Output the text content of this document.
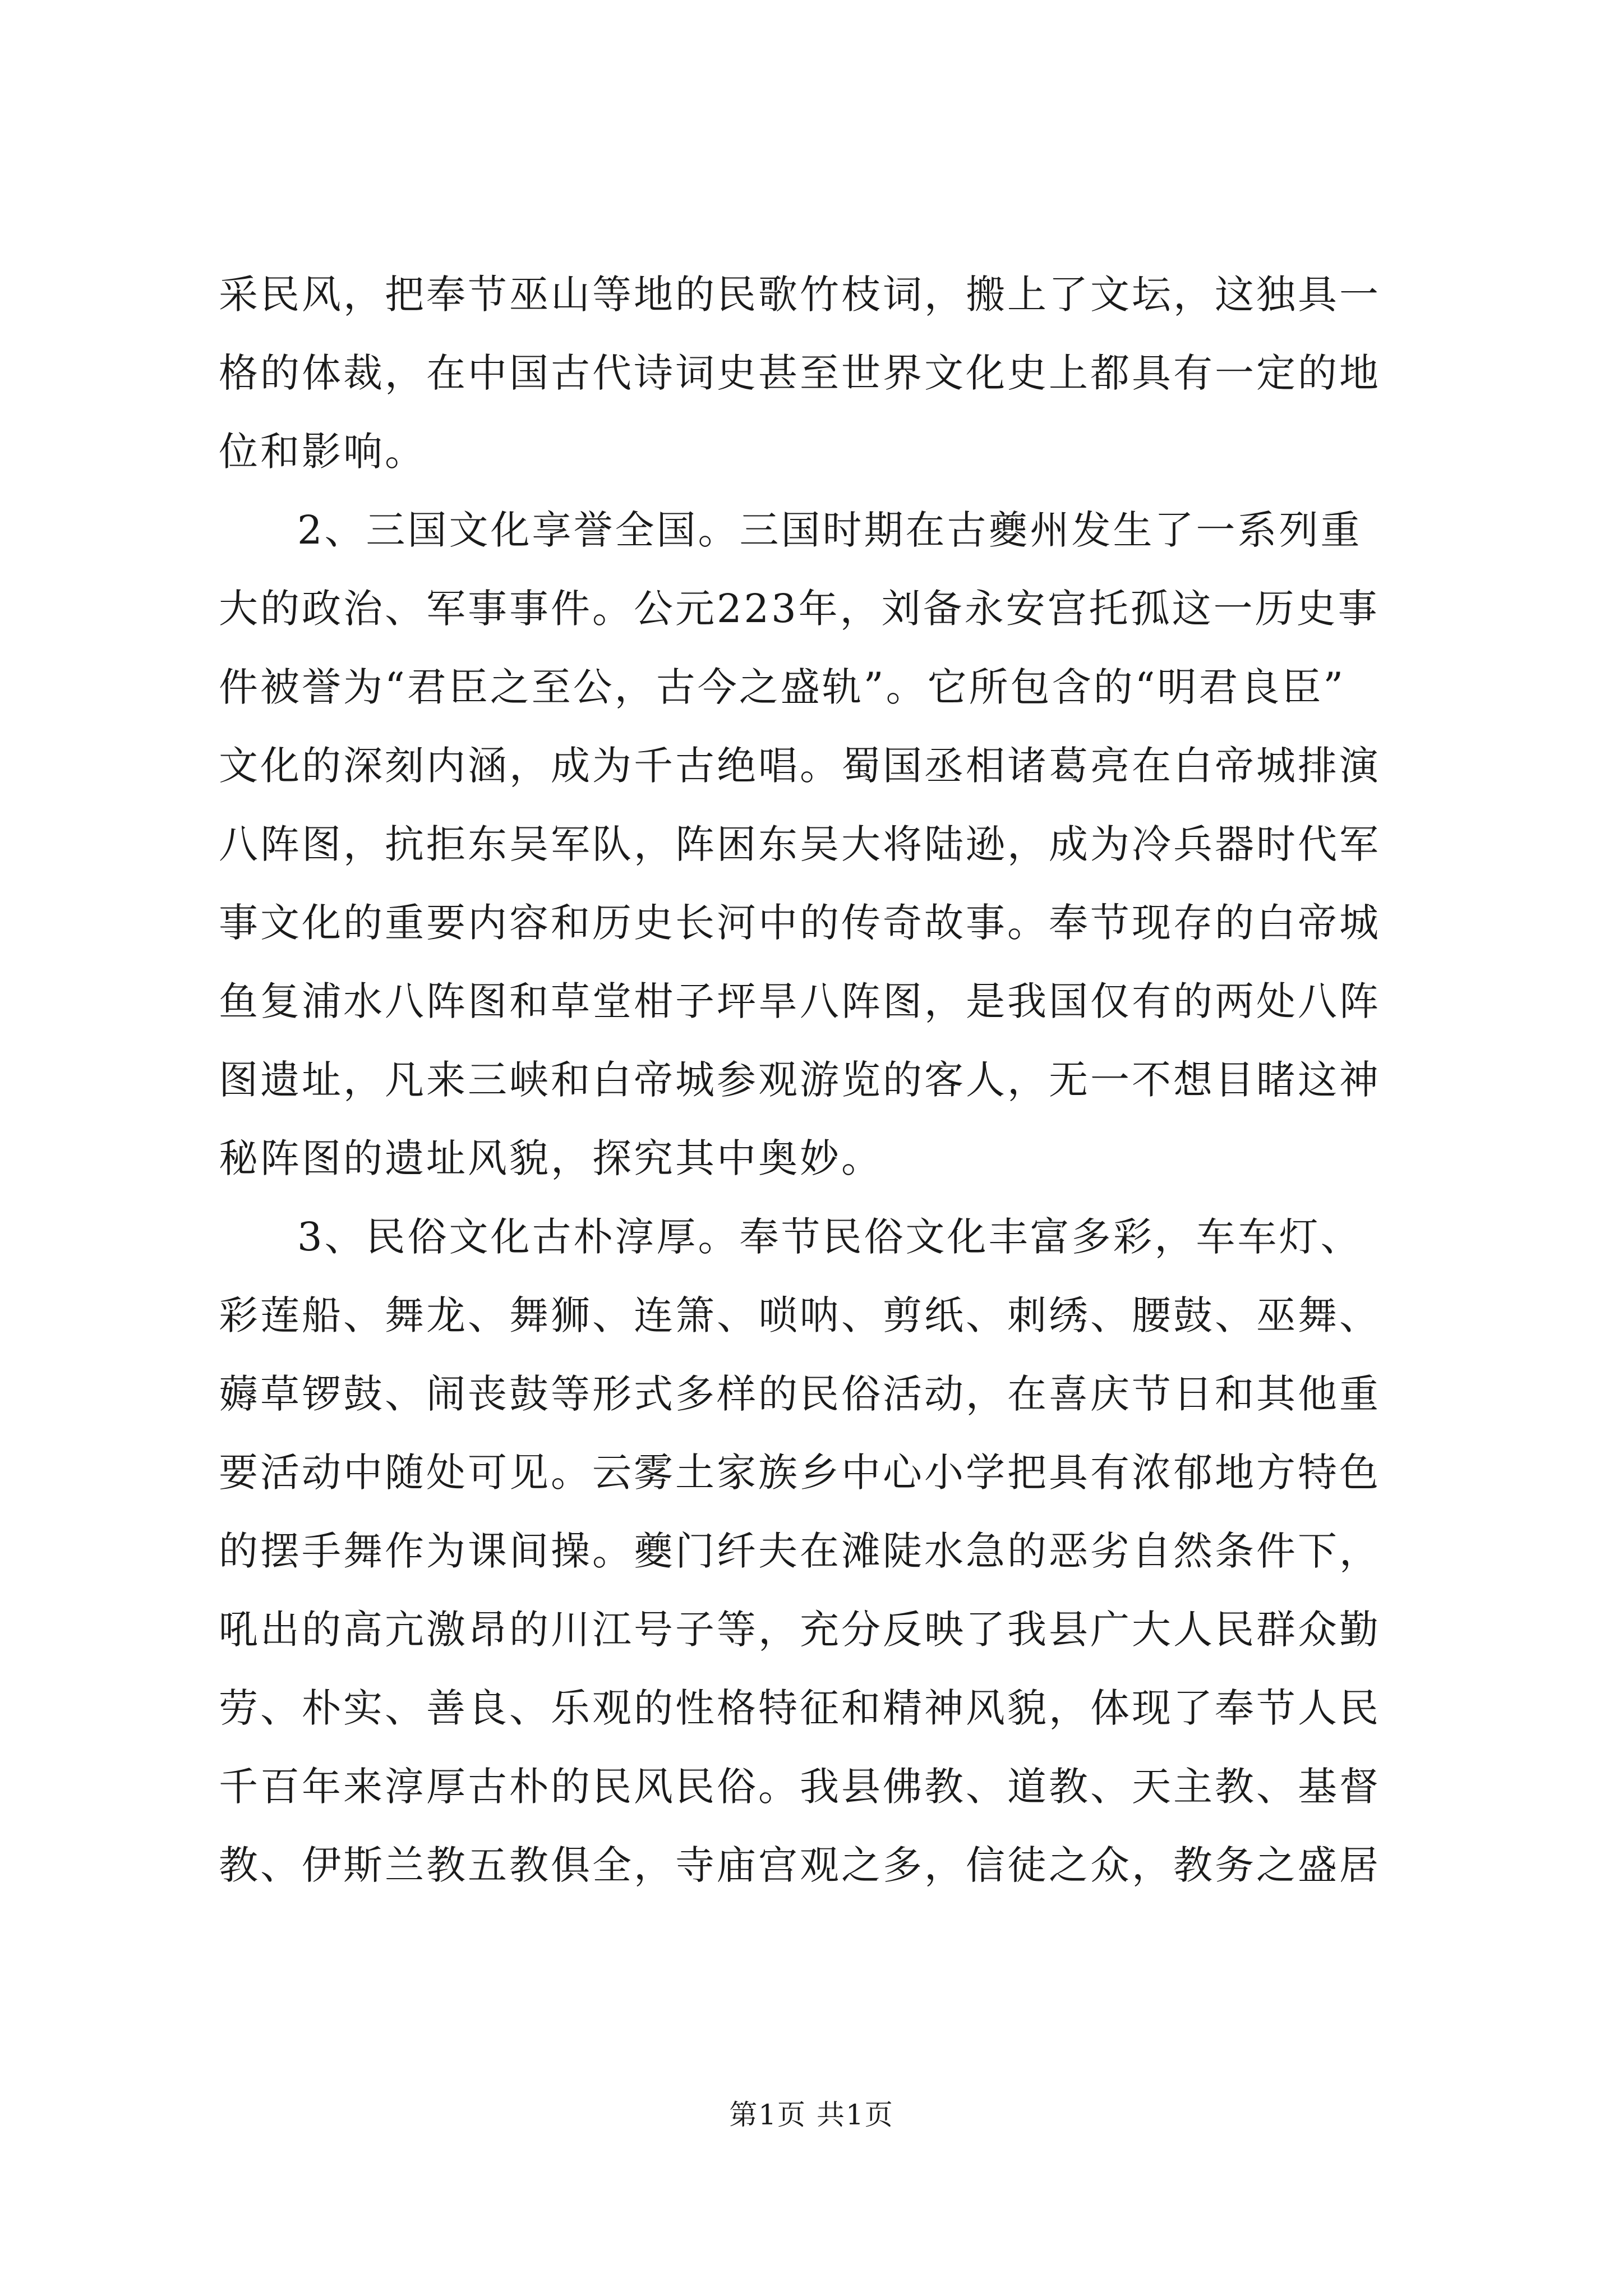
采民风，把奉节巫山等地的民歌竹枝词，搬上了文坛，这独具一
格的体裁，在中国古代诗词史甚至世界文化史上都具有一定的地
位和影响。
2、三国文化享誉全国。三国时期在古夔州发生了一系列重
大的政治、军事事件。公元223年，刘备永安宫托孤这一历史事
件被誉为“君臣之至公，古今之盛轨”。它所包含的“明君良臣”
文化的深刻内涵，成为千古绝唱。蜀国丞相诸葛亮在白帝城排演
八阵图，抗拒东吴军队，阵困东吴大将陆逊，成为冷兵器时代军
事文化的重要内容和历史长河中的传奇故事。奉节现存的白帝城
鱼复浦水八阵图和草堂柑子坪旱八阵图，是我国仅有的两处八阵
图遗址，凡来三峡和白帝城参观游览的客人，无一不想目睹这神
秘阵图的遗址风貌，探究其中奥妙。
3、民俗文化古朴淳厚。奉节民俗文化丰富多彩，车车灯、
彩莲船、舞龙、舞狮、连箫、唢呐、剪纸、刺绣、腰鼓、巫舞、
薅草锣鼓、闹丧鼓等形式多样的民俗活动，在喜庆节日和其他重
要活动中随处可见。云雾土家族乡中心小学把具有浓郁地方特色
的摆手舞作为课间操。夔门纤夫在滩陡水急的恶劣自然条件下，
吼出的高亢激昂的川江号子等，充分反映了我县广大人民群众勤
劳、朴实、善良、乐观的性格特征和精神风貌，体现了奉节人民
千百年来淳厚古朴的民风民俗。我县佛教、道教、天主教、基督
教、伊斯兰教五教俱全，寺庙宫观之多，信徒之众，教务之盛居
第1页 共1页
